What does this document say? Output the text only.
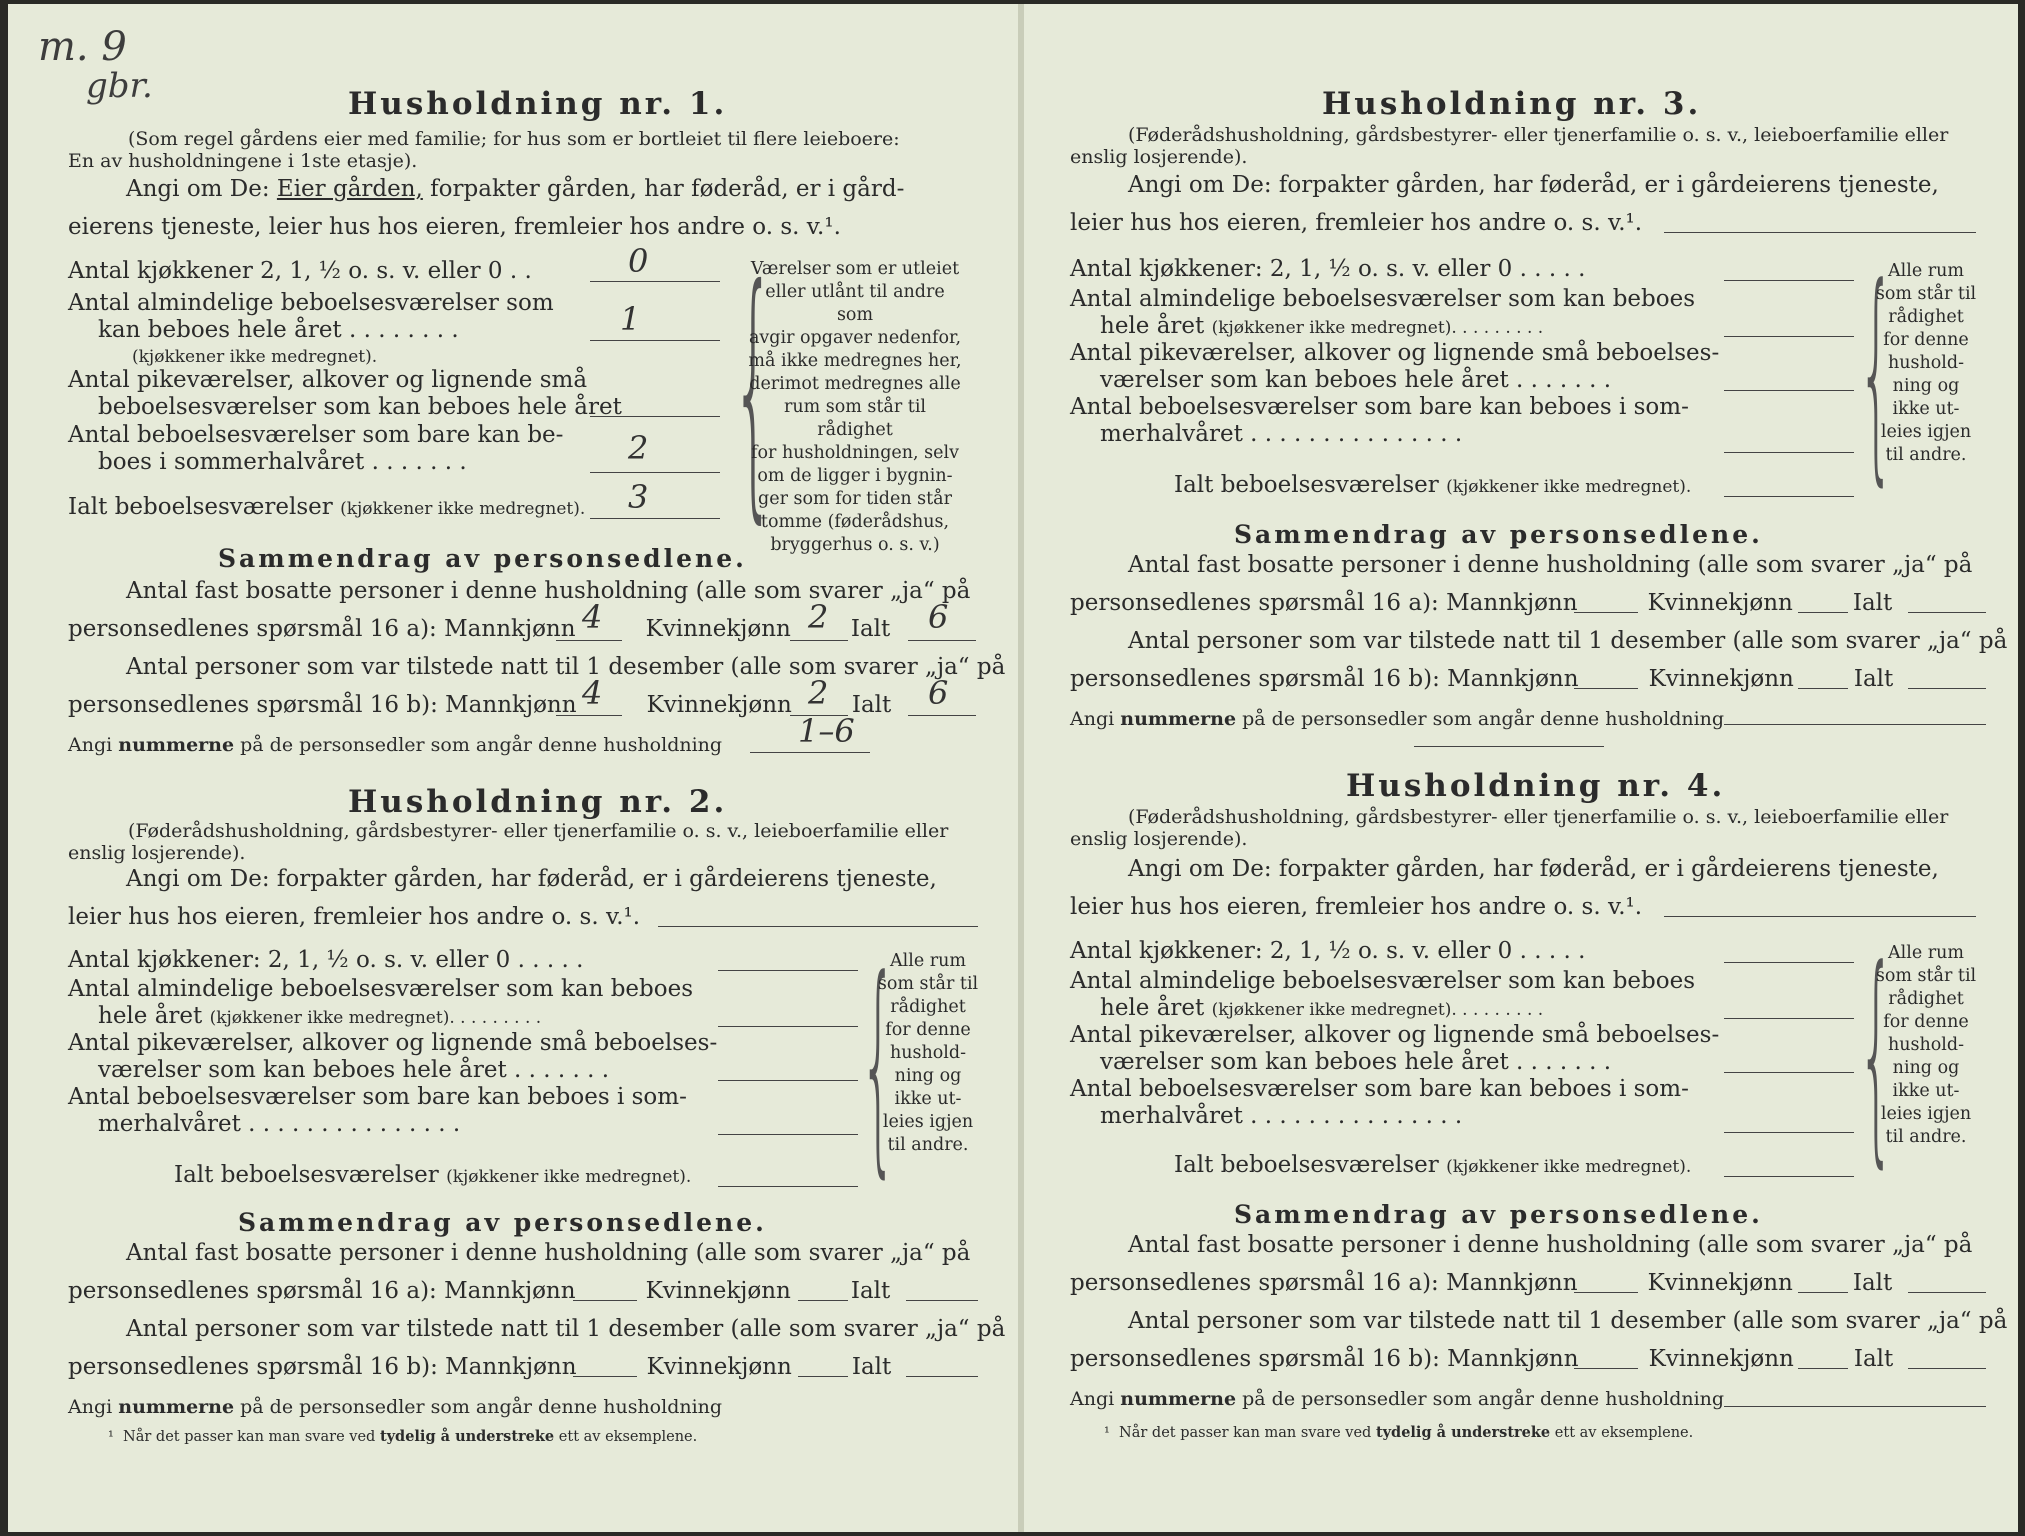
m. 9
gbr.	Husholdning nr. 1.
(Som regel gårdens eier med familie; for hus som er bortleiet til flere leieboere:
En av husholdningene i 1ste etasje).
Angi om De: Eier gården, forpakter gården, har føderåd, er i gård-
eierens tjeneste, leier hus hos eieren, fremleier hos andre o. s. v.¹.
Antal kjøkkener 2, 1, ½ o. s. v. eller 0 . .	0
Antal almindelige beboelsesværelser som
kan beboes hele året . . . . . . . .	1
(kjøkkener ikke medregnet).
Antal pikeværelser, alkover og lignende små
beboelsesværelser som kan beboes hele året
Antal beboelsesværelser som bare kan be-
boes i sommerhalvåret . . . . . . .	2
Ialt beboelsesværelser (kjøkkener ikke medregnet). 3 {
Værelser som er utleiet
eller utlånt til andre som
avgir opgaver nedenfor,
må ikke medregnes her,
derimot medregnes alle
rum som står til rådighet
for husholdningen, selv
om de ligger i bygnin-
ger som for tiden står
tomme (føderådshus,
bryggerhus o. s. v.)
Sammendrag av personsedlene.
Antal fast bosatte personer i denne husholdning (alle som svarer „ja“ på
personsedlenes spørsmål 16 a): Mannkjønn	Kvinnekjønn	Ialt
4	2	6
Antal personer som var tilstede natt til 1 desember (alle som svarer „ja“ på
personsedlenes spørsmål 16 b): Mannkjønn	Kvinnekjønn	Ialt
4	2	6
Angi nummerne på de personsedler som angår denne husholdning 1–6
Husholdning nr. 2.
(Føderådshusholdning, gårdsbestyrer- eller tjenerfamilie o. s. v., leieboerfamilie eller
enslig losjerende).
Angi om De: forpakter gården, har føderåd, er i gårdeierens tjeneste,
leier hus hos eieren, fremleier hos andre o. s. v.¹.
Antal kjøkkener: 2, 1, ½ o. s. v. eller 0 . . . . .
Antal almindelige beboelsesværelser som kan beboes
hele året (kjøkkener ikke medregnet). . . . . . . . .
Antal pikeværelser, alkover og lignende små beboelses-
værelser som kan beboes hele året . . . . . . .
Antal beboelsesværelser som bare kan beboes i som-
merhalvåret . . . . . . . . . . . . . . .
Ialt beboelsesværelser (kjøkkener ikke medregnet). {
Alle rum
som står til
rådighet
for denne
hushold-
ning og
ikke ut-
leies igjen
til andre.
Sammendrag av personsedlene.
Antal fast bosatte personer i denne husholdning (alle som svarer „ja“ på
personsedlenes spørsmål 16 a): Mannkjønn	Kvinnekjønn	Ialt
Antal personer som var tilstede natt til 1 desember (alle som svarer „ja“ på
personsedlenes spørsmål 16 b): Mannkjønn	Kvinnekjønn	Ialt
Angi nummerne på de personsedler som angår denne husholdning
¹ Når det passer kan man svare ved tydelig å understreke ett av eksemplene.
Husholdning nr. 3.
(Føderådshusholdning, gårdsbestyrer- eller tjenerfamilie o. s. v., leieboerfamilie eller
enslig losjerende).
Angi om De: forpakter gården, har føderåd, er i gårdeierens tjeneste,
leier hus hos eieren, fremleier hos andre o. s. v.¹.
Antal kjøkkener: 2, 1, ½ o. s. v. eller 0 . . . . .
Antal almindelige beboelsesværelser som kan beboes
hele året (kjøkkener ikke medregnet). . . . . . . . .
Antal pikeværelser, alkover og lignende små beboelses-
værelser som kan beboes hele året . . . . . . .
Antal beboelsesværelser som bare kan beboes i som-
merhalvåret . . . . . . . . . . . . . . .
Ialt beboelsesværelser (kjøkkener ikke medregnet). {
Alle rum
som står til
rådighet
for denne
hushold-
ning og
ikke ut-
leies igjen
til andre.
Sammendrag av personsedlene.
Antal fast bosatte personer i denne husholdning (alle som svarer „ja“ på
personsedlenes spørsmål 16 a): Mannkjønn	Kvinnekjønn	Ialt
Antal personer som var tilstede natt til 1 desember (alle som svarer „ja“ på
personsedlenes spørsmål 16 b): Mannkjønn	Kvinnekjønn	Ialt
Angi nummerne på de personsedler som angår denne husholdning
Husholdning nr. 4.
(Føderådshusholdning, gårdsbestyrer- eller tjenerfamilie o. s. v., leieboerfamilie eller
enslig losjerende).
Angi om De: forpakter gården, har føderåd, er i gårdeierens tjeneste,
leier hus hos eieren, fremleier hos andre o. s. v.¹.
Antal kjøkkener: 2, 1, ½ o. s. v. eller 0 . . . . .
Antal almindelige beboelsesværelser som kan beboes
hele året (kjøkkener ikke medregnet). . . . . . . . .
Antal pikeværelser, alkover og lignende små beboelses-
værelser som kan beboes hele året . . . . . . .
Antal beboelsesværelser som bare kan beboes i som-
merhalvåret . . . . . . . . . . . . . . .
Ialt beboelsesværelser (kjøkkener ikke medregnet). {
Alle rum
som står til
rådighet
for denne
hushold-
ning og
ikke ut-
leies igjen
til andre.
Sammendrag av personsedlene.
Antal fast bosatte personer i denne husholdning (alle som svarer „ja“ på
personsedlenes spørsmål 16 a): Mannkjønn	Kvinnekjønn	Ialt
Antal personer som var tilstede natt til 1 desember (alle som svarer „ja“ på
personsedlenes spørsmål 16 b): Mannkjønn	Kvinnekjønn	Ialt
Angi nummerne på de personsedler som angår denne husholdning
¹ Når det passer kan man svare ved tydelig å understreke ett av eksemplene.
